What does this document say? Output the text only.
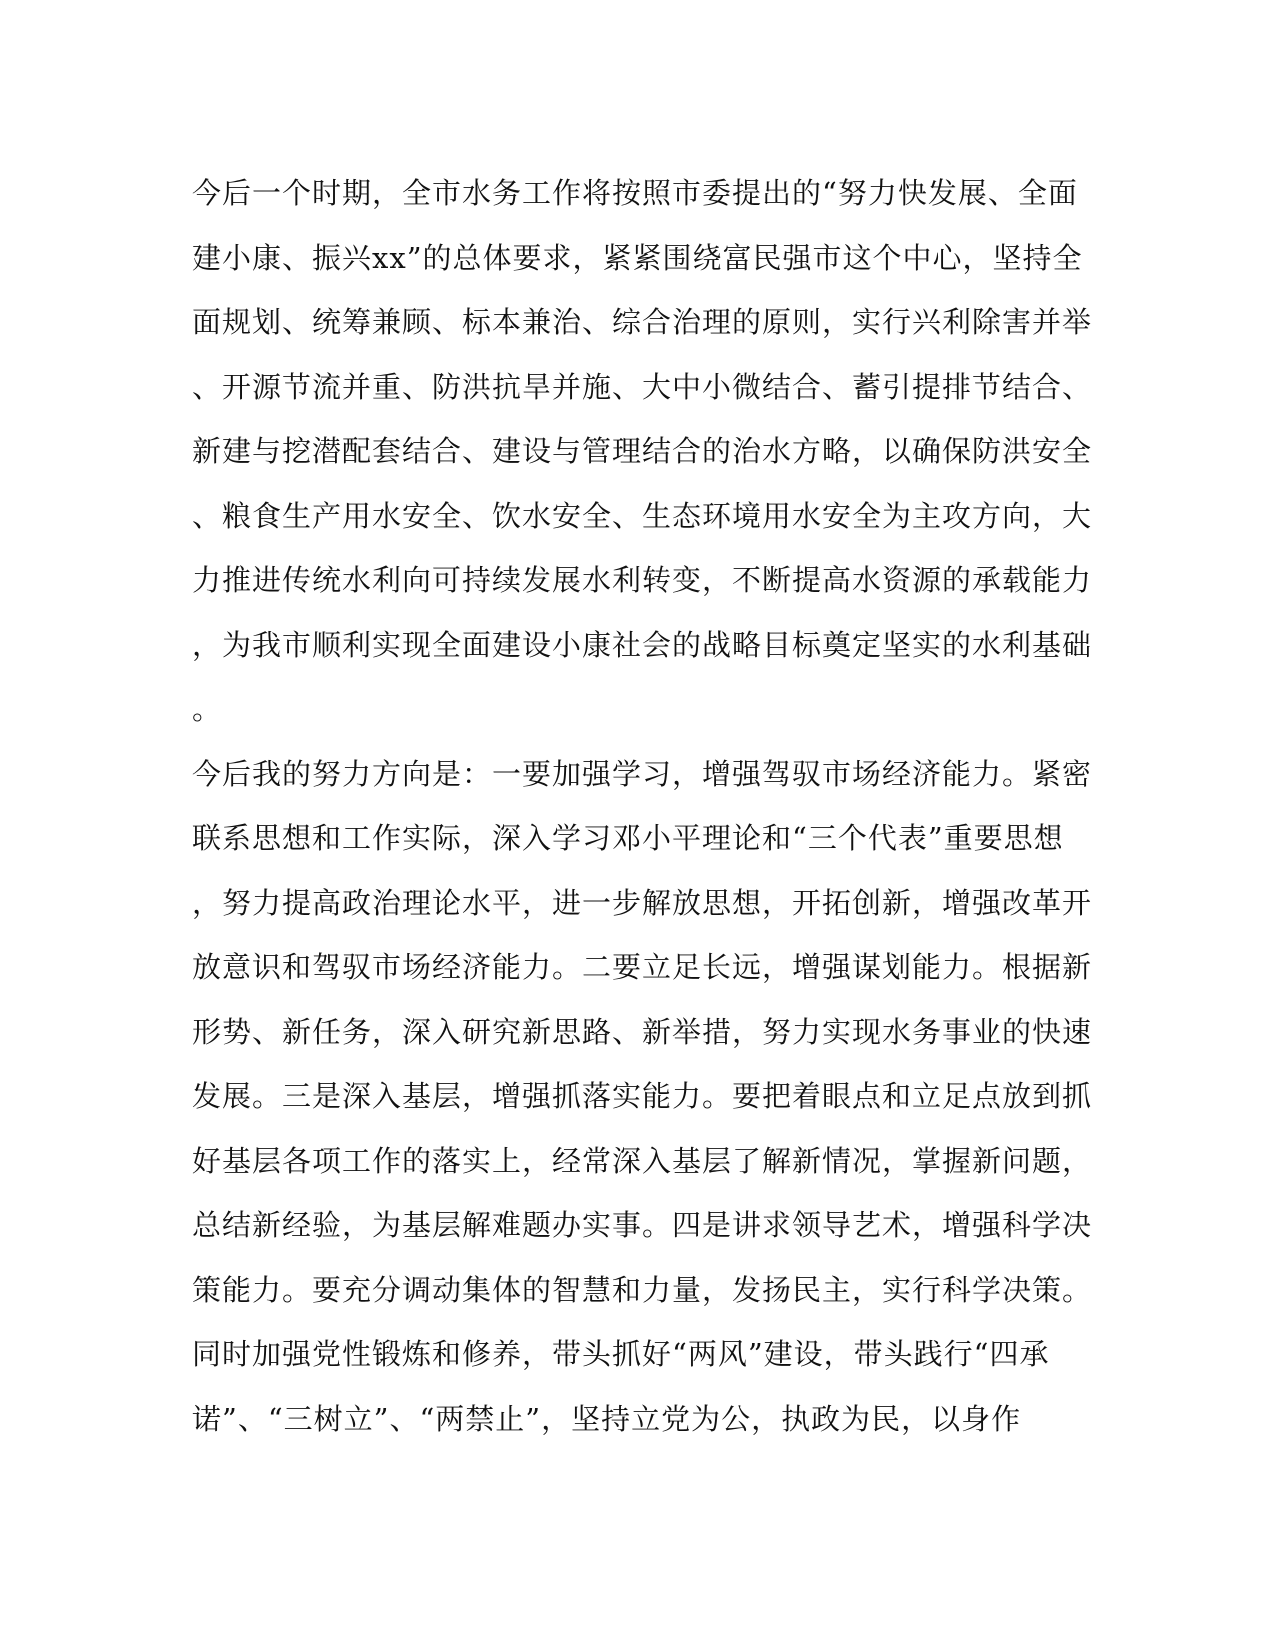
今后一个时期，全市水务工作将按照市委提出的“努力快发展、全面
建小康、振兴xx”的总体要求，紧紧围绕富民强市这个中心，坚持全
面规划、统筹兼顾、标本兼治、综合治理的原则，实行兴利除害并举
、开源节流并重、防洪抗旱并施、大中小微结合、蓄引提排节结合、
新建与挖潜配套结合、建设与管理结合的治水方略，以确保防洪安全
、粮食生产用水安全、饮水安全、生态环境用水安全为主攻方向，大
力推进传统水利向可持续发展水利转变，不断提高水资源的承载能力
，为我市顺利实现全面建设小康社会的战略目标奠定坚实的水利基础
。
今后我的努力方向是：一要加强学习，增强驾驭市场经济能力。紧密
联系思想和工作实际，深入学习邓小平理论和“三个代表”重要思想
，努力提高政治理论水平，进一步解放思想，开拓创新，增强改革开
放意识和驾驭市场经济能力。二要立足长远，增强谋划能力。根据新
形势、新任务，深入研究新思路、新举措，努力实现水务事业的快速
发展。三是深入基层，增强抓落实能力。要把着眼点和立足点放到抓
好基层各项工作的落实上，经常深入基层了解新情况，掌握新问题，
总结新经验，为基层解难题办实事。四是讲求领导艺术，增强科学决
策能力。要充分调动集体的智慧和力量，发扬民主，实行科学决策。
同时加强党性锻炼和修养，带头抓好“两风”建设，带头践行“四承
诺”、“三树立”、“两禁止”，坚持立党为公，执政为民，以身作
